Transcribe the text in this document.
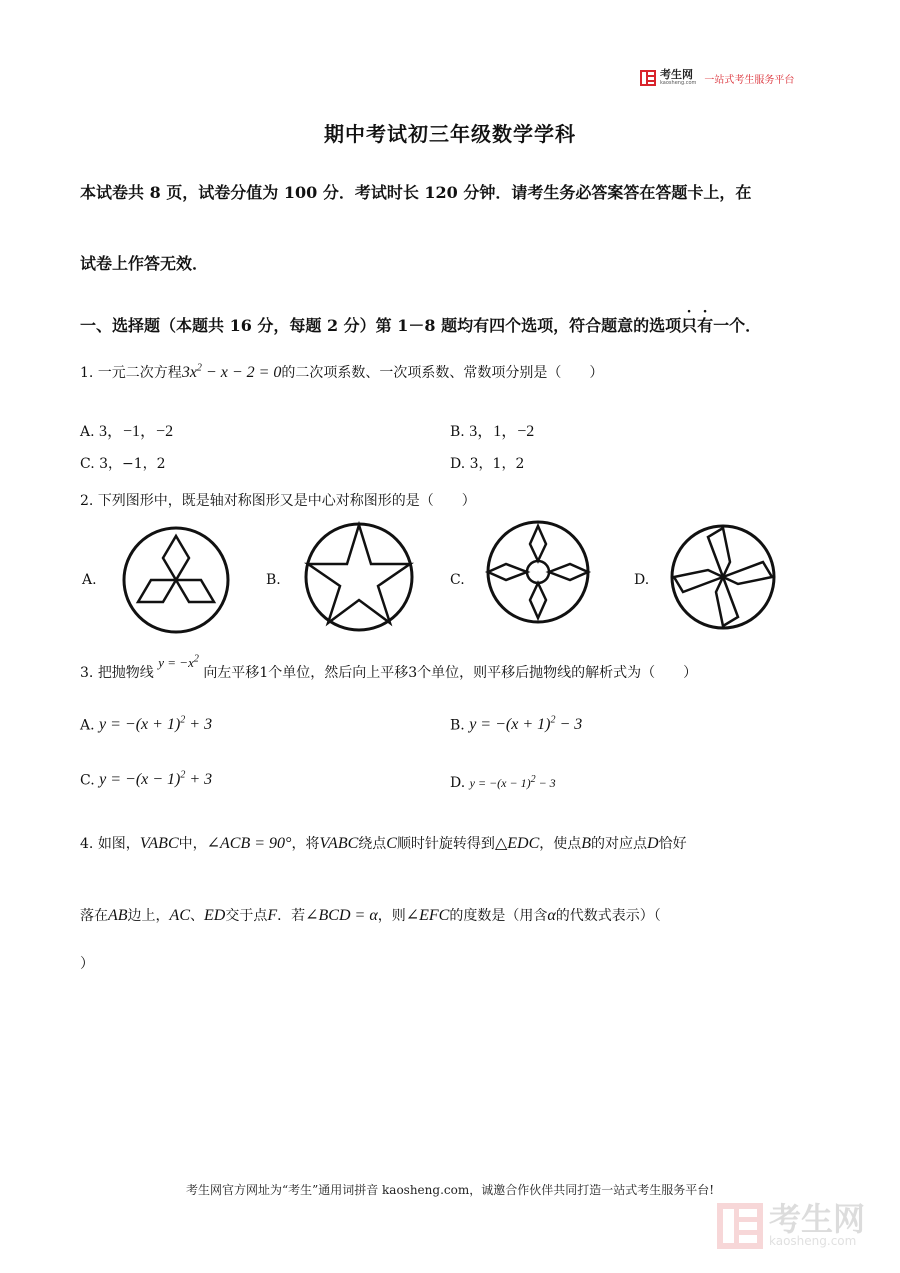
考生网
kaosheng.com 一站式考生服务平台
期中考试初三年级数学学科
本试卷共 8 页，试卷分值为 100 分．考试时长 120 分钟．请考生务必答案答在答题卡上，在
试卷上作答无效．
一、选择题（本题共 16 分，每题 2 分）第 1－8 题均有四个选项，符合题意的选项只有一个．
1. 一元二次方程$3x^2 - x - 2 = 0$的二次项系数、一次项系数、常数项分别是（　　）
A. 3，−1，−2	B. 3，1，−2
C. 3，−1，2	D. 3，1，2
2. 下列图形中，既是轴对称图形又是中心对称图形的是（　　）
A.	B.	C.	D.
3. 把抛物线 $y = -x^2$ 向左平移1个单位，然后向上平移3个单位，则平移后抛物线的解析式为（　　）
A. $y = -(x + 1)^2 + 3$	B. $y = -(x + 1)^2 - 3$
C. $y = -(x - 1)^2 + 3$	D. $y = -(x - 1)^2 - 3$
4. 如图，VABC中，∠ACB = 90°，将VABC绕点C顺时针旋转得到△EDC，使点B的对应点D恰好
落在AB边上，AC、ED交于点F．若∠BCD = α，则∠EFC的度数是（用含α的代数式表示）（
）
考生网官方网址为“考生”通用词拼音 kaosheng.com，诚邀合作伙伴共同打造一站式考生服务平台!
考生网
kaosheng.com
